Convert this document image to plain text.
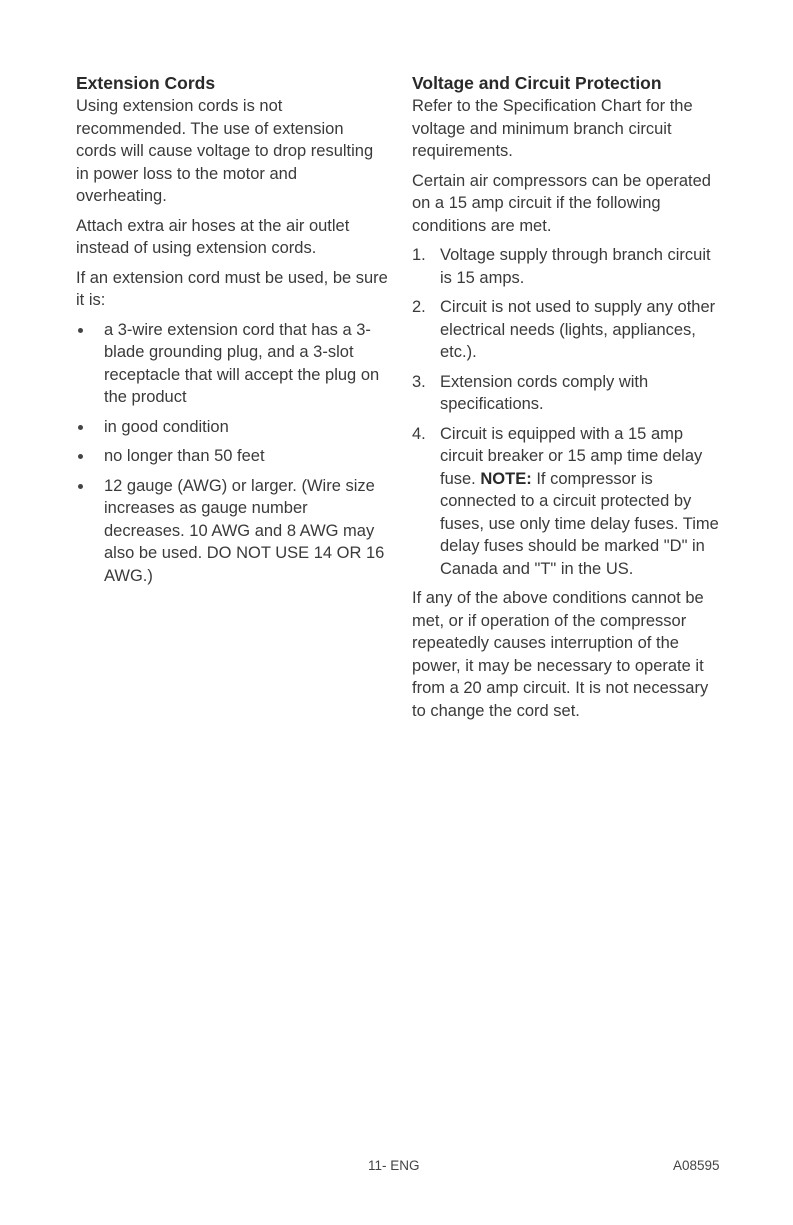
Extension Cords

Using extension cords is not recommended. The use of extension cords will cause voltage to drop resulting in power loss to the motor and overheating.

Attach extra air hoses at the air outlet instead of using extension cords.

If an extension cord must be used, be sure it is:

a 3-wire extension cord that has a 3-blade grounding plug, and a 3-slot receptacle that will accept the plug on the product
in good condition
no longer than 50 feet
12 gauge (AWG) or larger. (Wire size increases as gauge number decreases. 10 AWG and 8 AWG may also be used. DO NOT USE 14 OR 16 AWG.)
Voltage and Circuit Protection

Refer to the Specification Chart for the voltage and minimum branch circuit requirements.

Certain air compressors can be operated on a 15 amp circuit if the following conditions are met.

1. Voltage supply through branch circuit is 15 amps.
2. Circuit is not used to supply any other electrical needs (lights, appliances, etc.).
3. Extension cords comply with specifications.
4. Circuit is equipped with a 15 amp circuit breaker or 15 amp time delay fuse. NOTE: If compressor is connected to a circuit protected by fuses, use only time delay fuses. Time delay fuses should be marked "D" in Canada and "T" in the US.

If any of the above conditions cannot be met, or if operation of the compressor repeatedly causes interruption of the power, it may be necessary to operate it from a 20 amp circuit. It is not necessary to change the cord set.

11- ENG	A08595
